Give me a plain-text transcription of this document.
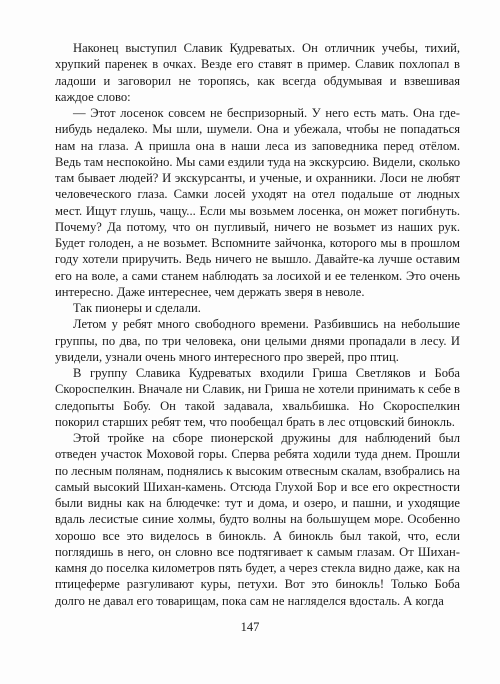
Наконец выступил Славик Кудреватых. Он отличник учебы, тихий, хрупкий паренек в очках. Везде его ставят в пример. Славик похлопал в ладоши и заговорил не торопясь, как всегда обдумывая и взвешивая каждое слово:

— Этот лосенок совсем не беспризорный. У него есть мать. Она где-нибудь недалеко. Мы шли, шумели. Она и убежала, чтобы не попадаться нам на глаза. А пришла она в наши леса из заповедника перед отёлом. Ведь там неспокойно. Мы сами ездили туда на экскурсию. Видели, сколько там бывает людей? И экскурсанты, и ученые, и охранники. Лоси не любят человеческого глаза. Самки лосей уходят на отел подальше от людных мест. Ищут глушь, чащу... Если мы возьмем лосенка, он может погибнуть. Почему? Да потому, что он пугливый, ничего не возьмет из наших рук. Будет голоден, а не возьмет. Вспомните зайчонка, которого мы в прошлом году хотели приручить. Ведь ничего не вышло. Давайте-ка лучше оставим его на воле, а сами станем наблюдать за лосихой и ее теленком. Это очень интересно. Даже интереснее, чем держать зверя в неволе.

Так пионеры и сделали.

Летом у ребят много свободного времени. Разбившись на небольшие группы, по два, по три человека, они целыми днями пропадали в лесу. И увидели, узнали очень много интересного про зверей, про птиц.

В группу Славика Кудреватых входили Гриша Светляков и Боба Скороспелкин. Вначале ни Славик, ни Гриша не хотели принимать к себе в следопыты Бобу. Он такой задавала, хвальбишка. Но Скороспелкин покорил старших ребят тем, что пообещал брать в лес отцовский бинокль.

Этой тройке на сборе пионерской дружины для наблюдений был отведен участок Моховой горы. Сперва ребята ходили туда днем. Прошли по лесным полянам, поднялись к высоким отвесным скалам, взобрались на самый высокий Шихан-камень. Отсюда Глухой Бор и все его окрестности были видны как на блюдечке: тут и дома, и озеро, и пашни, и уходящие вдаль лесистые синие холмы, будто волны на большущем море. Особенно хорошо все это виделось в бинокль. А бинокль был такой, что, если поглядишь в него, он словно все подтягивает к самым глазам. От Шихан-камня до поселка километров пять будет, а через стекла видно даже, как на птицеферме разгуливают куры, петухи. Вот это бинокль! Только Боба долго не давал его товарищам, пока сам не нагляделся вдосталь. А когда

147
